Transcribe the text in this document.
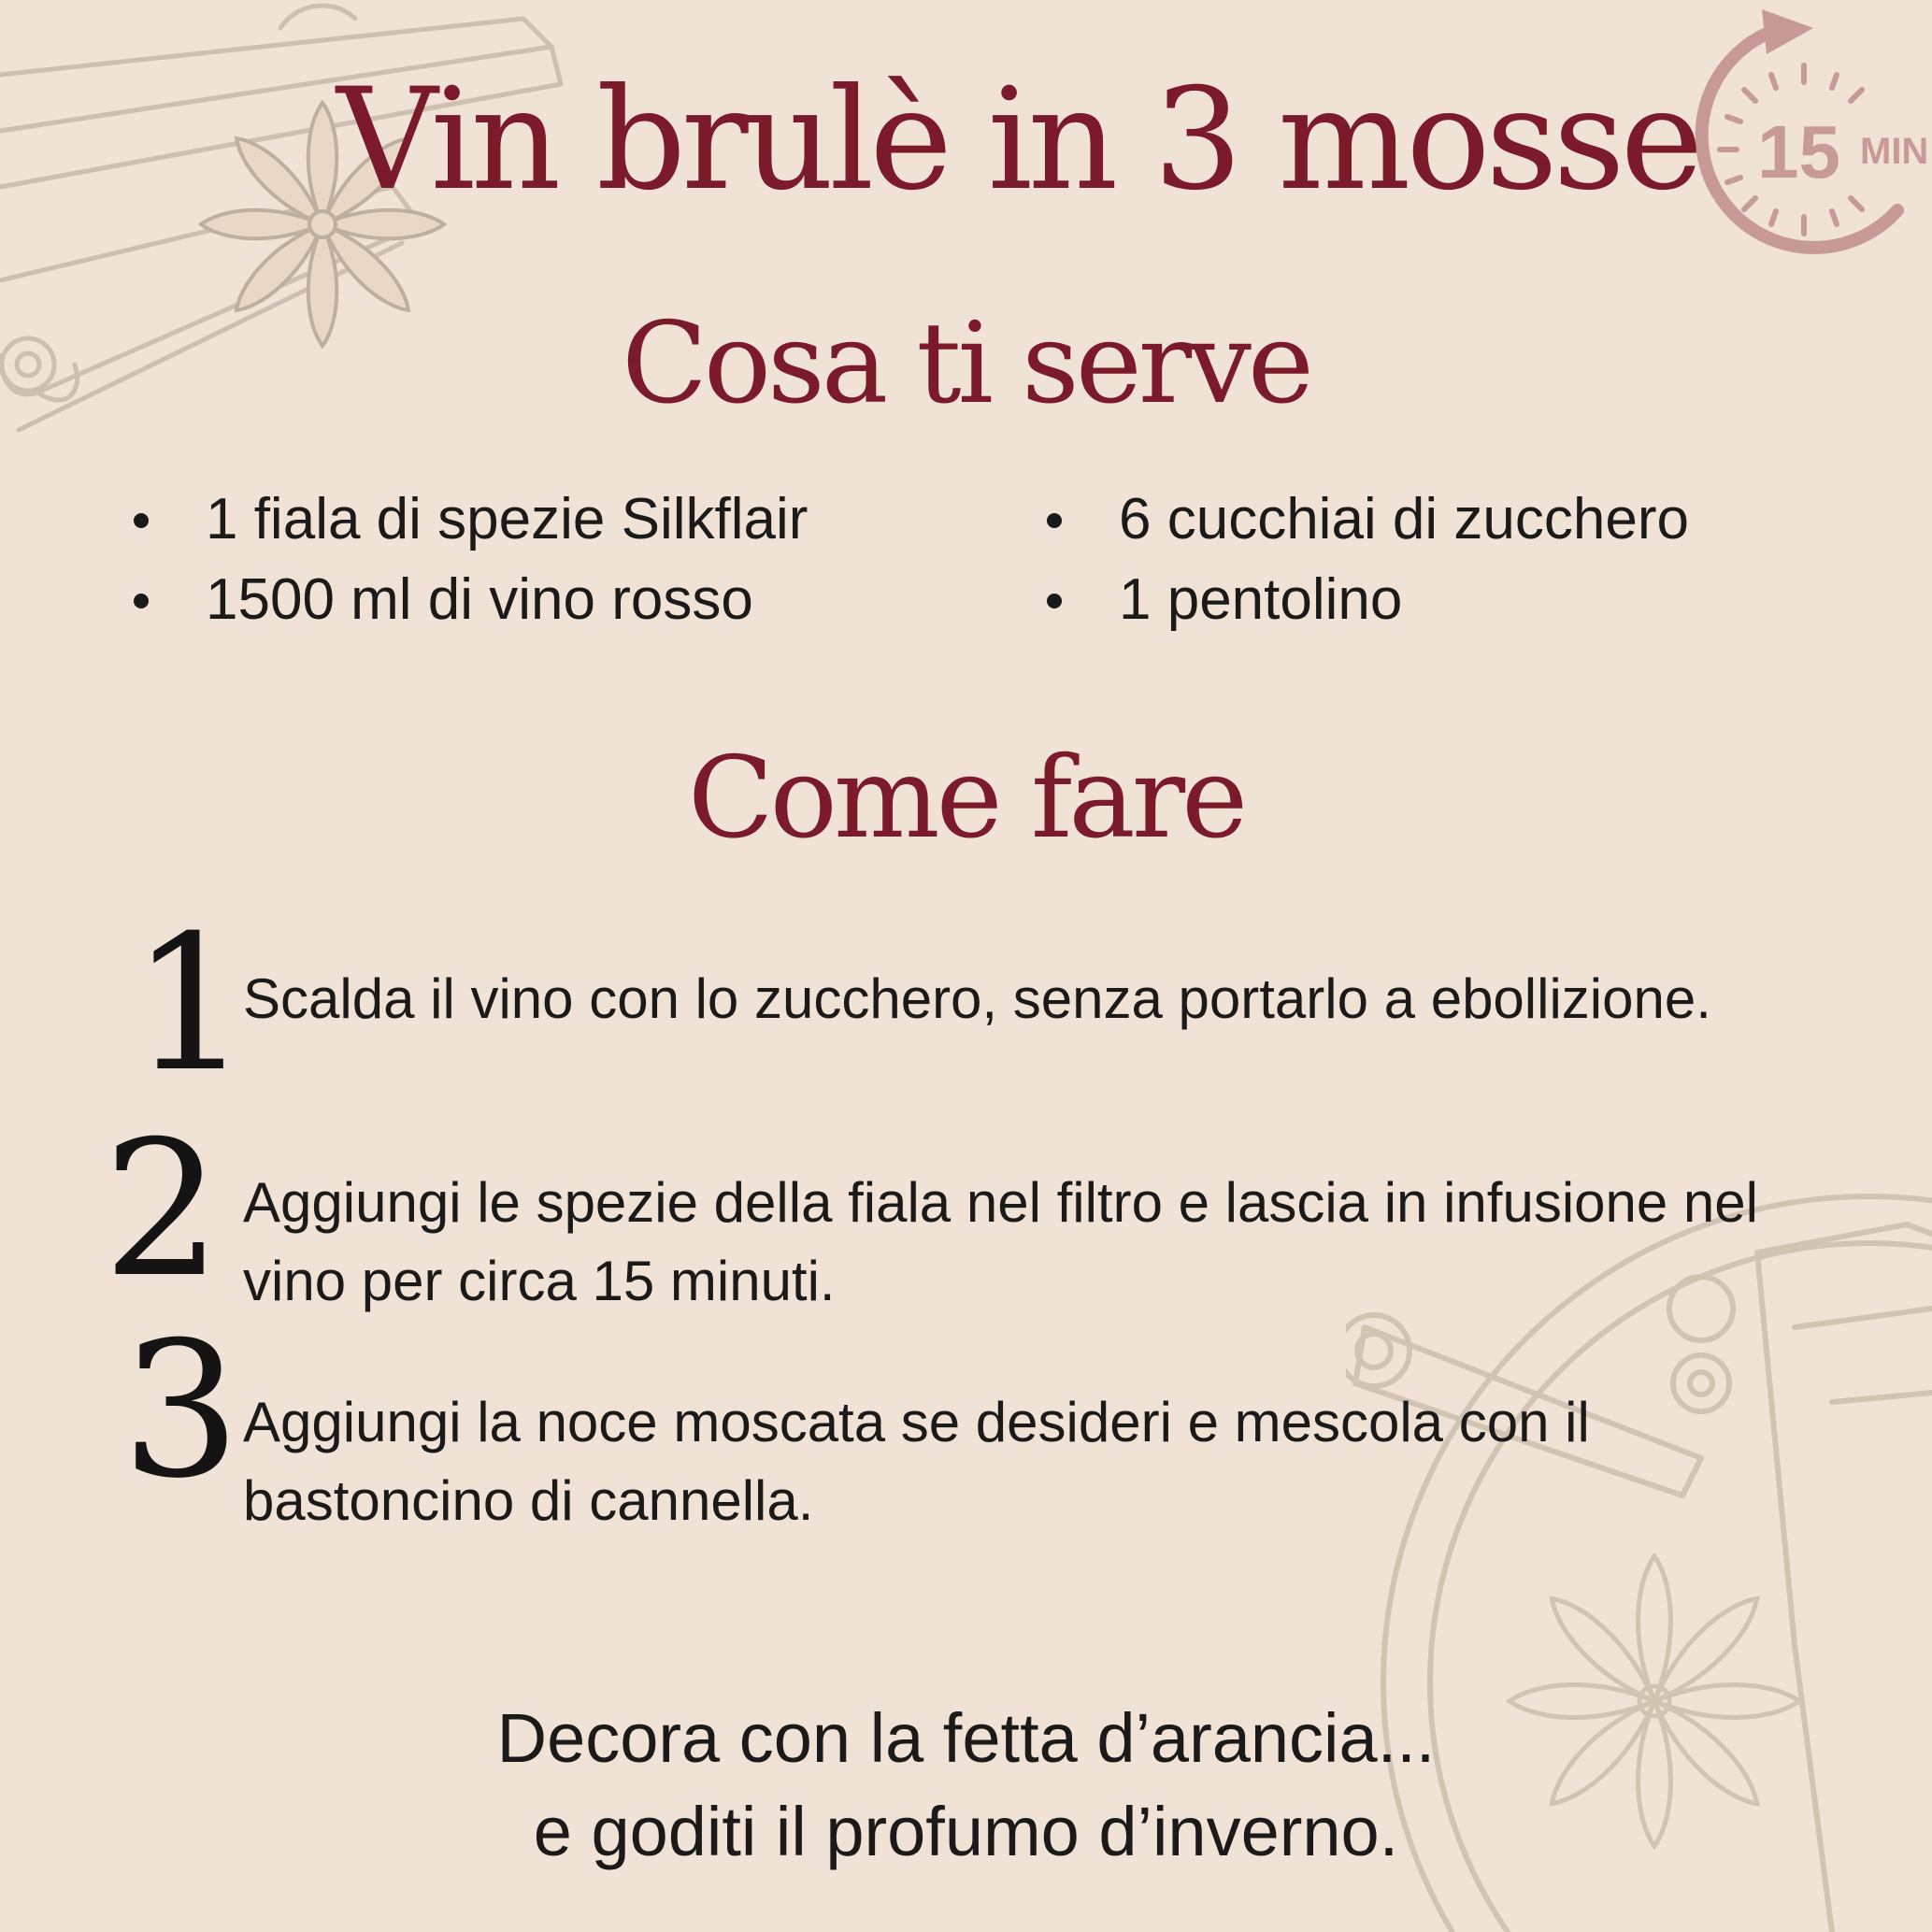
15 MIN
Vin brulè in 3 mosse
Cosa ti serve
1 fiala di spezie Silkflair
1500 ml di vino rosso
6 cucchiai di zucchero
1 pentolino
Come fare
1
Scalda il vino con lo zucchero, senza portarlo a ebollizione.
2 Aggiungi le spezie della fiala nel filtro e lascia in infusione nel vino per circa 15 minuti.
3 Aggiungi la noce moscata se desideri e mescola con il bastoncino di cannella.
Decora con la fetta d’arancia...
e goditi il profumo d’inverno.
